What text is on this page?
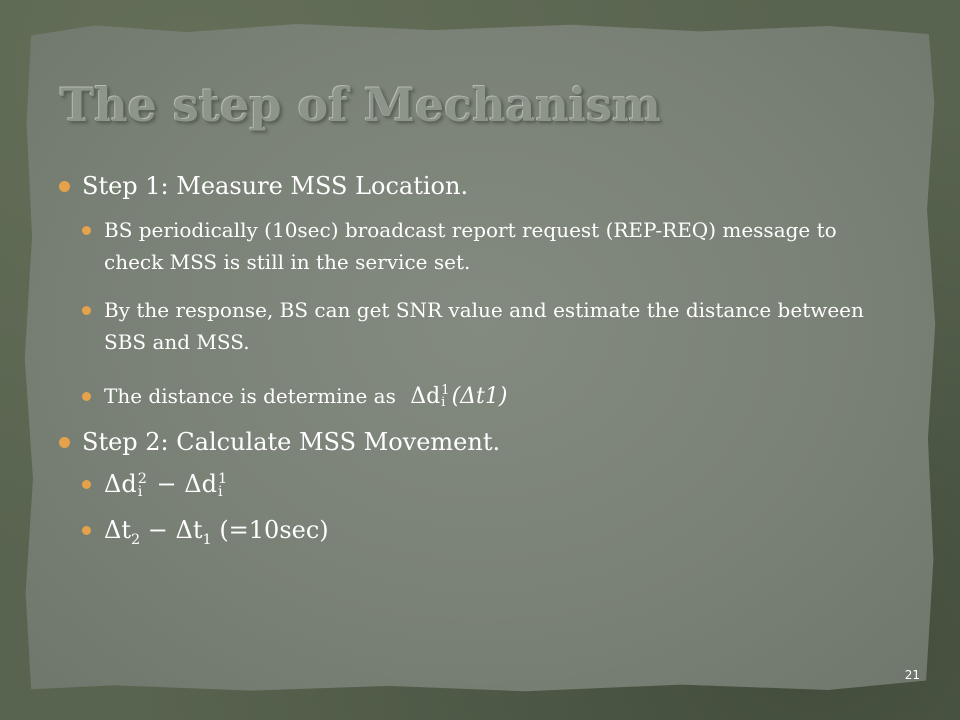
The step of Mechanism
Step 1: Measure MSS Location.
BS periodically (10sec) broadcast report request (REP-REQ) message to check MSS is still in the service set.
By the response, BS can get SNR value and estimate the distance between SBS and MSS.
The distance is determine as Δd 1
i (Δt1)
Step 2: Calculate MSS Movement.
Δd 2
i − Δd 1
i
$\Delta t_2 - \Delta t_1$ (=10sec)
21
